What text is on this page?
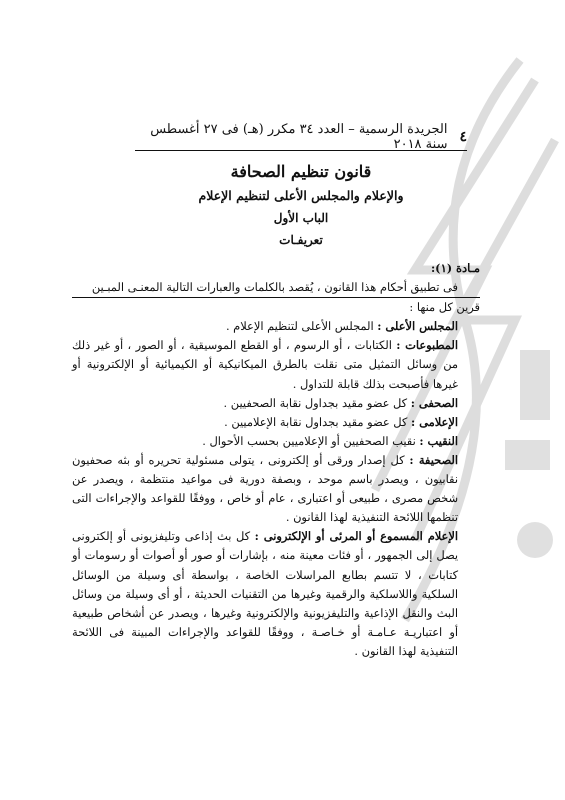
٤
الجريدة الرسمية – العدد ٣٤ مكرر (هـ) فى ٢٧ أغسطس سنة ٢٠١٨
قانون تنظيم الصحافة
والإعلام والمجلس الأعلى لتنظيم الإعلام
الباب الأول
تعريفـات

مـادة (١):

فى تطبيق أحكام هذا القانون ، يُقصد بالكلمات والعبارات التالية المعنـى المبـين

قرين كل منها :

المجلس الأعلى : المجلس الأعلى لتنظيم الإعلام .

المطبوعات : الكتابات ، أو الرسوم ، أو القطع الموسيقية ، أو الصور ، أو غير ذلك من وسائل التمثيل متى نقلت بالطرق الميكانيكية أو الكيميائية أو الإلكترونية أو غيرها فأصبحت بذلك قابلة للتداول .

الصحفى : كل عضو مقيد بجداول نقابة الصحفيين .

الإعلامى : كل عضو مقيد بجداول نقابة الإعلاميين .

النقيب : نقيب الصحفيين أو الإعلاميين بحسب الأحوال .

الصحيفة : كل إصدار ورقى أو إلكترونى ، يتولى مسئولية تحريره أو بثه صحفيون نقابيون ، ويصدر باسم موحد ، وبصفة دورية فى مواعيد منتظمة ، ويصدر عن شخص مصرى ، طبيعى أو اعتبارى ، عام أو خاص ، ووفقًا للقواعد والإجراءات التى تنظمها اللائحة التنفيذية لهذا القانون .

الإعلام المسموع أو المرئى أو الإلكترونى : كل بث إذاعى وتليفزيونى أو إلكترونى يصل إلى الجمهور ، أو فئات معينة منه ، بإشارات أو صور أو أصوات أو رسومات أو كتابات ، لا تتسم بطابع المراسلات الخاصة ، بواسطة أى وسيلة من الوسائل السلكية واللاسلكية والرقمية وغيرها من التقنيات الحديثة ، أو أى وسيلة من وسائل البث والنقل الإذاعية والتليفزيونية والإلكترونية وغيرها ، ويصدر عن أشخاص طبيعية أو اعتباريـة عـامـة أو خـاصـة ، ووفقًا للقواعد والإجراءات المبينة فى اللائحة التنفيذية لهذا القانون .
